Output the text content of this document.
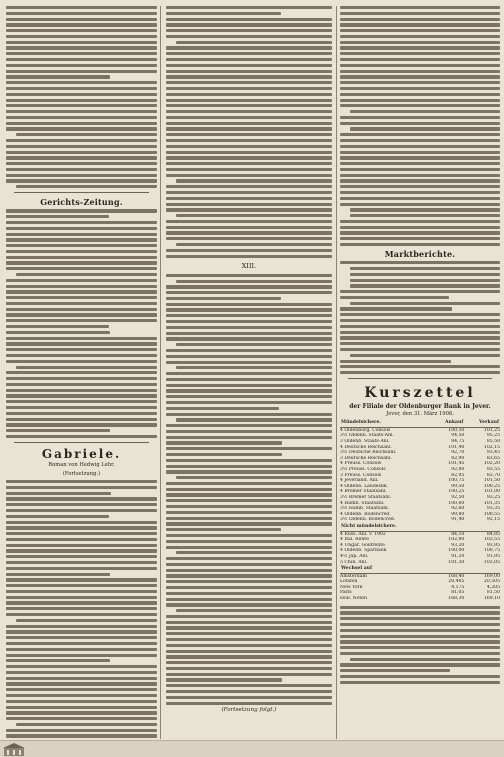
Gerichts-Zeitung.
Gabriele.
Roman von Hedwig Lehr.
(Fortsetzung.)
XIII.
(Fortsetzung folgt.)
Marktberichte.
Kurszettel
der Filiale der Oldenburger Bank in Jever.
Jever, den 31. März 1908.
Mündelsichere.	Ankauf	Verkauf
4 Oldenburg. Consols	100,50	101,25
3½ Oldenb. Staats-Anl.	94,50	95,25
3 Oldenb. Staats-Anl.	84,75	85,50
4 Deutsche Reichsanl.	101,40	102,15
3½ Deutsche Reichsanl.	92,70	93,45
3 Deutsche Reichsanl.	82,90	83,65
4 Preuss. Consols	101,45	102,20
3½ Preuss. Consols	92,80	93,55
3 Preuss. Consols	82,95	83,70
4 Jeverländ. Anl.	100,75	101,50
4 Oldenb. Landesbk.	99,50	100,25
4 Bremer Staatsanl.	100,25	101,00
3½ Bremer Staatsanl.	92,50	93,25
4 Hamb. Staatsanl.	100,60	101,35
3½ Hamb. Staatsanl.	92,60	93,35
4 Oldenb. Bodencred.	99,80	100,55
3½ Oldenb. Bodencred.	91,40	92,15
Nicht mündelsichere.		
4 Russ. Anl. v. 1902	84,10	84,85
4 Ital. Rente	102,80	103,55
4 Ungar. Goldrente	93,20	93,95
4 Oldenb. Sparbank	100,00	100,75
4½ Jap. Anl.	91,20	91,95
5 Chin. Anl.	101,30	102,05
Wechsel auf		
Amsterdam	168,40	169,00
London	20,405	20,505
New York	4,175	4,205
Paris	81,05	81,50
Holl. Noten	168,30	169,10
